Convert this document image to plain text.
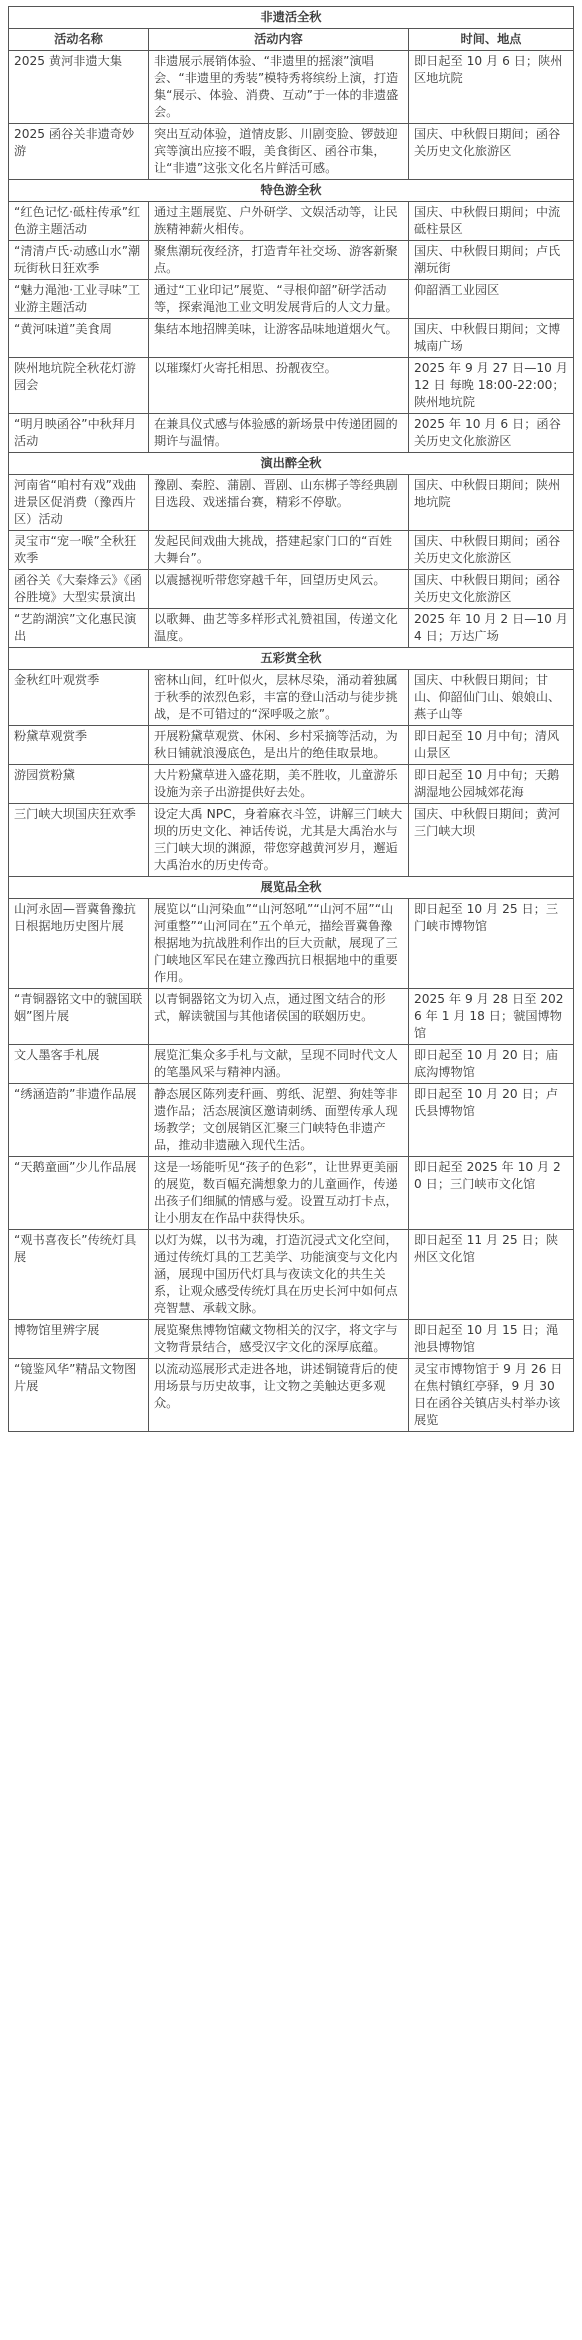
非遗活全秋		
活动名称	活动内容	时间、地点
2025 黄河非遗大集	非遗展示展销体验、“非遗里的摇滚”演唱会、“非遗里的秀装”模特秀将缤纷上演，打造集“展示、体验、消费、互动”于一体的非遗盛会。	即日起至 10 月 6 日；陕州区地坑院
2025 函谷关非遗奇妙游	突出互动体验，道情皮影、川剧变脸、锣鼓迎宾等演出应接不暇，美食街区、函谷市集，让“非遗”这张文化名片鲜活可感。	国庆、中秋假日期间；函谷关历史文化旅游区
特色游全秋		
“红色记忆·砥柱传承”红色游主题活动	通过主题展览、户外研学、文娱活动等，让民族精神薪火相传。	国庆、中秋假日期间；中流砥柱景区
“清清卢氏·动感山水”潮玩街秋日狂欢季	聚焦潮玩夜经济，打造青年社交场、游客新聚点。	国庆、中秋假日期间；卢氏潮玩街
“魅力渑池·工业寻味”工业游主题活动	通过“工业印记”展览、“寻根仰韶”研学活动等，探索渑池工业文明发展背后的人文力量。	仰韶酒工业园区
“黄河味道”美食周	集结本地招牌美味，让游客品味地道烟火气。	国庆、中秋假日期间；文博城南广场
陕州地坑院全秋花灯游园会	以璀璨灯火寄托相思、扮靓夜空。	2025 年 9 月 27 日—10 月 12 日 每晚 18:00-22:00；陕州地坑院
“明月映函谷”中秋拜月活动	在兼具仪式感与体验感的新场景中传递团圆的期许与温情。	2025 年 10 月 6 日；函谷关历史文化旅游区
演出醉全秋		
河南省“咱村有戏”戏曲进景区促消费（豫西片区）活动	豫剧、秦腔、蒲剧、晋剧、山东梆子等经典剧目选段、戏迷擂台赛，精彩不停歇。	国庆、中秋假日期间；陕州地坑院
灵宝市“宠一喉”全秋狂欢季	发起民间戏曲大挑战，搭建起家门口的“百姓大舞台”。	国庆、中秋假日期间；函谷关历史文化旅游区
函谷关《大秦烽云》《函谷胜境》大型实景演出	以震撼视听带您穿越千年，回望历史风云。	国庆、中秋假日期间；函谷关历史文化旅游区
“艺韵湖滨”文化惠民演出	以歌舞、曲艺等多样形式礼赞祖国，传递文化温度。	2025 年 10 月 2 日—10 月 4 日；万达广场
五彩赏全秋		
金秋红叶观赏季	密林山间，红叶似火，层林尽染，涌动着独属于秋季的浓烈色彩，丰富的登山活动与徒步挑战，是不可错过的“深呼吸之旅”。	国庆、中秋假日期间；甘山、仰韶仙门山、娘娘山、燕子山等
粉黛草观赏季	开展粉黛草观赏、休闲、乡村采摘等活动，为秋日铺就浪漫底色，是出片的绝佳取景地。	即日起至 10 月中旬；清风山景区
游园赏粉黛	大片粉黛草进入盛花期，美不胜收，儿童游乐设施为亲子出游提供好去处。	即日起至 10 月中旬；天鹅湖湿地公园城郊花海
三门峡大坝国庆狂欢季	设定大禹 NPC，身着麻衣斗笠，讲解三门峡大坝的历史文化、神话传说，尤其是大禹治水与三门峡大坝的渊源，带您穿越黄河岁月，邂逅大禹治水的历史传奇。	国庆、中秋假日期间；黄河三门峡大坝
展览品全秋		
山河永固—晋冀鲁豫抗日根据地历史图片展	展览以“山河染血”“山河怒吼”“山河不屈”“山河重整”“山河同在”五个单元，描绘晋冀鲁豫根据地为抗战胜利作出的巨大贡献，展现了三门峡地区军民在建立豫西抗日根据地中的重要作用。	即日起至 10 月 25 日；三门峡市博物馆
“青铜器铭文中的虢国联姻”图片展	以青铜器铭文为切入点，通过图文结合的形式，解读虢国与其他诸侯国的联姻历史。	2025 年 9 月 28 日至 2026 年 1 月 18 日；虢国博物馆
文人墨客手札展	展览汇集众多手札与文献，呈现不同时代文人的笔墨风采与精神内涵。	即日起至 10 月 20 日；庙底沟博物馆
“绣涵造韵”非遗作品展	静态展区陈列麦秆画、剪纸、泥塑、狗娃等非遗作品；活态展演区邀请刺绣、面塑传承人现场教学；文创展销区汇聚三门峡特色非遗产品，推动非遗融入现代生活。	即日起至 10 月 20 日；卢氏县博物馆
“天鹅童画”少儿作品展	这是一场能听见“孩子的色彩”，让世界更美丽的展览，数百幅充满想象力的儿童画作，传递出孩子们细腻的情感与爱。设置互动打卡点，让小朋友在作品中获得快乐。	即日起至 2025 年 10 月 20 日；三门峡市文化馆
“观书喜夜长”传统灯具展	以灯为媒，以书为魂，打造沉浸式文化空间，通过传统灯具的工艺美学、功能演变与文化内涵，展现中国历代灯具与夜读文化的共生关系，让观众感受传统灯具在历史长河中如何点亮智慧、承载文脉。	即日起至 11 月 25 日；陕州区文化馆
博物馆里辨字展	展览聚焦博物馆藏文物相关的汉字，将文字与文物背景结合，感受汉字文化的深厚底蕴。	即日起至 10 月 15 日；渑池县博物馆
“镜鉴风华”精品文物图片展	以流动巡展形式走进各地，讲述铜镜背后的使用场景与历史故事，让文物之美触达更多观众。	灵宝市博物馆于 9 月 26 日在焦村镇红亭驿，9 月 30 日在函谷关镇店头村举办该展览
